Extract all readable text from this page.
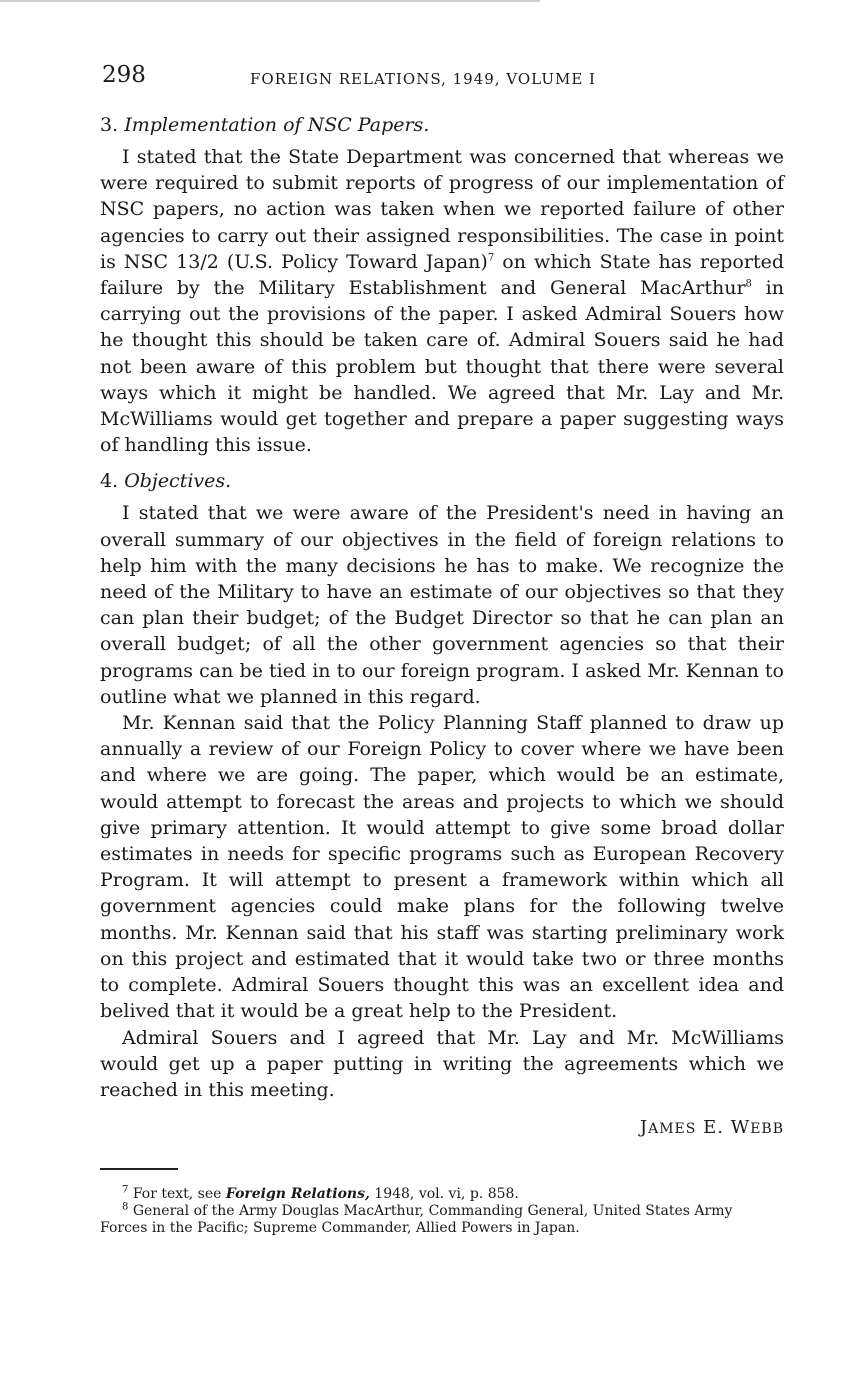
298	FOREIGN RELATIONS, 1949, VOLUME I
3. Implementation of NSC Papers.

I stated that the State Department was concerned that whereas we were required to submit reports of progress of our implementation of NSC papers, no action was taken when we reported failure of other agencies to carry out their assigned responsibilities. The case in point is NSC 13/2 (U.S. Policy Toward Japan)$^7$ on which State has reported failure by the Military Establishment and General MacArthur$^8$ in carrying out the provisions of the paper. I asked Admiral Souers how he thought this should be taken care of. Admiral Souers said he had not been aware of this problem but thought that there were several ways which it might be handled. We agreed that Mr. Lay and Mr. McWilliams would get together and prepare a paper suggesting ways of handling this issue.

4. Objectives.

I stated that we were aware of the President's need in having an overall summary of our objectives in the field of foreign relations to help him with the many decisions he has to make. We recognize the need of the Military to have an estimate of our objectives so that they can plan their budget; of the Budget Director so that he can plan an overall budget; of all the other government agencies so that their programs can be tied in to our foreign program. I asked Mr. Kennan to outline what we planned in this regard.

Mr. Kennan said that the Policy Planning Staff planned to draw up annually a review of our Foreign Policy to cover where we have been and where we are going. The paper, which would be an estimate, would attempt to forecast the areas and projects to which we should give primary attention. It would attempt to give some broad dollar estimates in needs for specific programs such as European Recovery Program. It will attempt to present a framework within which all government agencies could make plans for the following twelve months. Mr. Kennan said that his staff was starting preliminary work on this project and estimated that it would take two or three months to complete. Admiral Souers thought this was an excellent idea and belived that it would be a great help to the President.

Admiral Souers and I agreed that Mr. Lay and Mr. McWilliams would get up a paper putting in writing the agreements which we reached in this meeting.

JAMES E. WEBB

$^7$ For text, see Foreign Relations, 1948, vol. vi, p. 858.

$^8$ General of the Army Douglas MacArthur, Commanding General, United States Army Forces in the Pacific; Supreme Commander, Allied Powers in Japan.
